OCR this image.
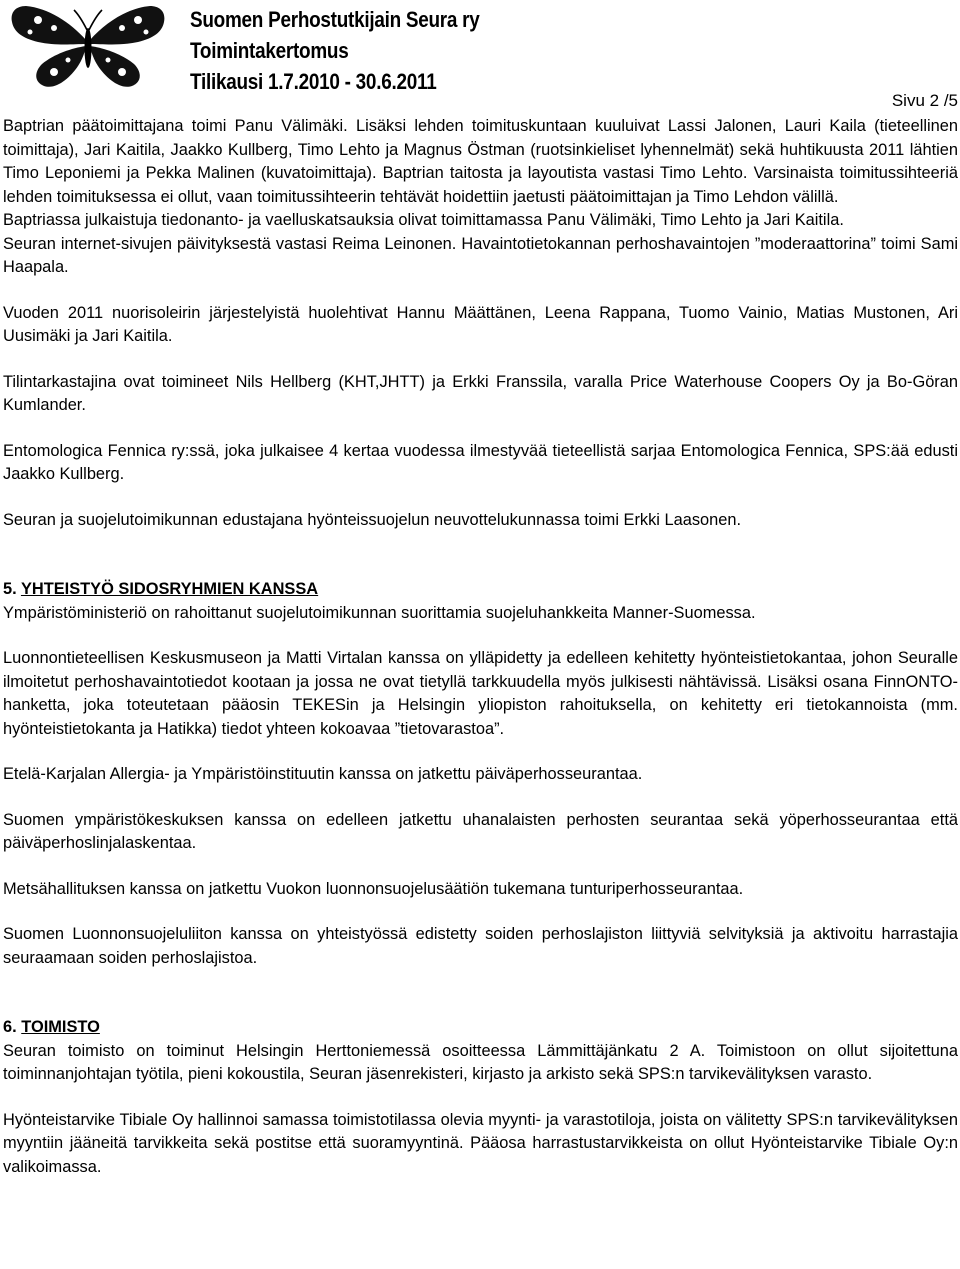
Suomen Perhostutkijain Seura ry
Toimintakertomus
Tilikausi 1.7.2010 - 30.6.2011
Sivu 2 /5

Baptrian päätoimittajana toimi Panu Välimäki. Lisäksi lehden toimituskuntaan kuuluivat Lassi Jalonen, Lauri Kaila (tieteellinen toimittaja), Jari Kaitila, Jaakko Kullberg, Timo Lehto ja Magnus Östman (ruotsinkieliset lyhennelmät) sekä huhtikuusta 2011 lähtien Timo Leponiemi ja Pekka Malinen (kuvatoimittaja). Baptrian taitosta ja layoutista vastasi Timo Lehto. Varsinaista toimitussihteeriä lehden toimituksessa ei ollut, vaan toimitussihteerin tehtävät hoidettiin jaetusti päätoimittajan ja Timo Lehdon välillä.

Baptriassa julkaistuja tiedonanto- ja vaelluskatsauksia olivat toimittamassa Panu Välimäki, Timo Lehto ja Jari Kaitila.

Seuran internet-sivujen päivityksestä vastasi Reima Leinonen. Havaintotietokannan perhoshavaintojen ”moderaattorina” toimi Sami Haapala.

Vuoden 2011 nuorisoleirin järjestelyistä huolehtivat Hannu Määttänen, Leena Rappana, Tuomo Vainio, Matias Mustonen, Ari Uusimäki ja Jari Kaitila.

Tilintarkastajina ovat toimineet Nils Hellberg (KHT,JHTT) ja Erkki Franssila, varalla Price Waterhouse Coopers Oy ja Bo-Göran Kumlander.

Entomologica Fennica ry:ssä, joka julkaisee 4 kertaa vuodessa ilmestyvää tieteellistä sarjaa Entomologica Fennica, SPS:ää edusti Jaakko Kullberg.

Seuran ja suojelutoimikunnan edustajana hyönteissuojelun neuvottelukunnassa toimi Erkki Laasonen.

5. YHTEISTYÖ SIDOSRYHMIEN KANSSA

Ympäristöministeriö on rahoittanut suojelutoimikunnan suorittamia suojeluhankkeita Manner-Suomessa.

Luonnontieteellisen Keskusmuseon ja Matti Virtalan kanssa on ylläpidetty ja edelleen kehitetty hyönteistietokantaa, johon Seuralle ilmoitetut perhoshavaintotiedot kootaan ja jossa ne ovat tietyllä tarkkuudella myös julkisesti nähtävissä. Lisäksi osana FinnONTO-hanketta, joka toteutetaan pääosin TEKESin ja Helsingin yliopiston rahoituksella, on kehitetty eri tietokannoista (mm. hyönteistietokanta ja Hatikka) tiedot yhteen kokoavaa ”tietovarastoa”.

Etelä-Karjalan Allergia- ja Ympäristöinstituutin kanssa on jatkettu päiväperhosseurantaa.

Suomen ympäristökeskuksen kanssa on edelleen jatkettu uhanalaisten perhosten seurantaa sekä yöperhosseurantaa että päiväperhoslinjalaskentaa.

Metsähallituksen kanssa on jatkettu Vuokon luonnonsuojelusäätiön tukemana tunturiperhosseurantaa.

Suomen Luonnonsuojeluliiton kanssa on yhteistyössä edistetty soiden perhoslajiston liittyviä selvityksiä ja aktivoitu harrastajia seuraamaan soiden perhoslajistoa.

6. TOIMISTO

Seuran toimisto on toiminut Helsingin Herttoniemessä osoitteessa Lämmittäjänkatu 2 A. Toimistoon on ollut sijoitettuna toiminnanjohtajan työtila, pieni kokoustila, Seuran jäsenrekisteri, kirjasto ja arkisto sekä SPS:n tarvikevälityksen varasto.

Hyönteistarvike Tibiale Oy hallinnoi samassa toimistotilassa olevia myynti- ja varastotiloja, joista on välitetty SPS:n tarvikevälityksen myyntiin jääneitä tarvikkeita sekä postitse että suoramyyntinä. Pääosa harrastustarvikkeista on ollut Hyönteistarvike Tibiale Oy:n valikoimassa.
